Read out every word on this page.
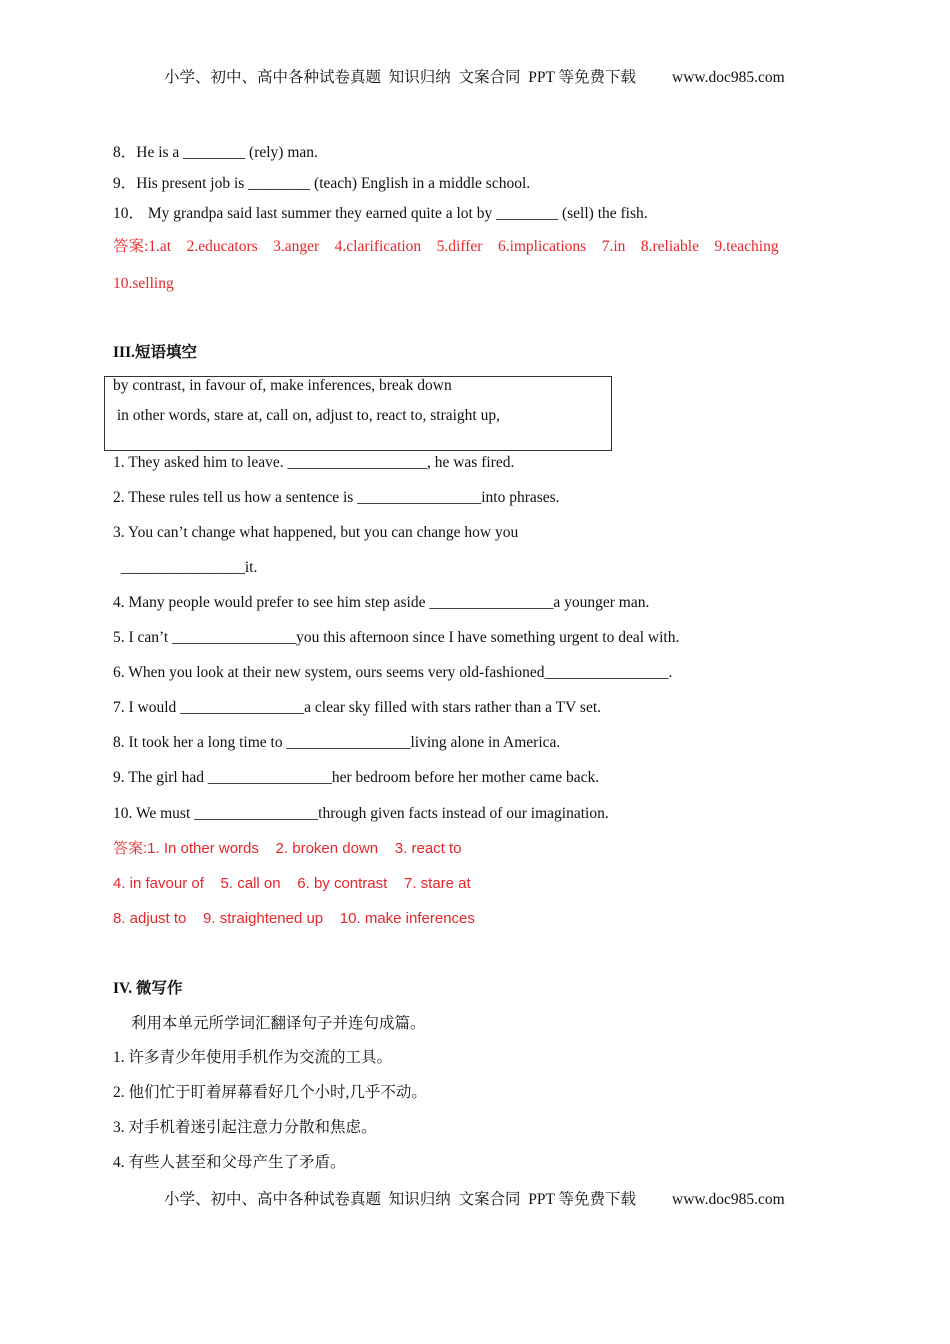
小学、初中、高中各种试卷真题  知识归纳  文案合同  PPT 等免费下载 www.doc985.com
8．He is a ________ (rely) man.
9．His present job is ________ (teach) English in a middle school.
10． My grandpa said last summer they earned quite a lot by ________ (sell) the fish.
答案:1.at    2.educators    3.anger    4.clarification    5.differ    6.implications    7.in    8.reliable    9.teaching
10.selling
III.短语填空
by contrast, in favour of, make inferences, break down
in other words, stare at, call on, adjust to, react to, straight up,
1. They asked him to leave. __________________, he was fired.
2. These rules tell us how a sentence is ________________into phrases.
3. You can’t change what happened, but you can change how you
________________it.
4. Many people would prefer to see him step aside ________________a younger man.
5. I can’t ________________you this afternoon since I have something urgent to deal with.
6. When you look at their new system, ours seems very old-fashioned________________.
7. I would ________________a clear sky filled with stars rather than a TV set.
8. It took her a long time to ________________living alone in America.
9. The girl had ________________her bedroom before her mother came back.
10. We must ________________through given facts instead of our imagination.
答案:1. In other words    2. broken down    3. react to
4. in favour of    5. call on    6. by contrast    7. stare at
8. adjust to    9. straightened up    10. make inferences
IV. 微写作
利用本单元所学词汇翻译句子并连句成篇。
1. 许多青少年使用手机作为交流的工具。
2. 他们忙于盯着屏幕看好几个小时,几乎不动。
3. 对手机着迷引起注意力分散和焦虑。
4. 有些人甚至和父母产生了矛盾。
小学、初中、高中各种试卷真题  知识归纳  文案合同  PPT 等免费下载 www.doc985.com
